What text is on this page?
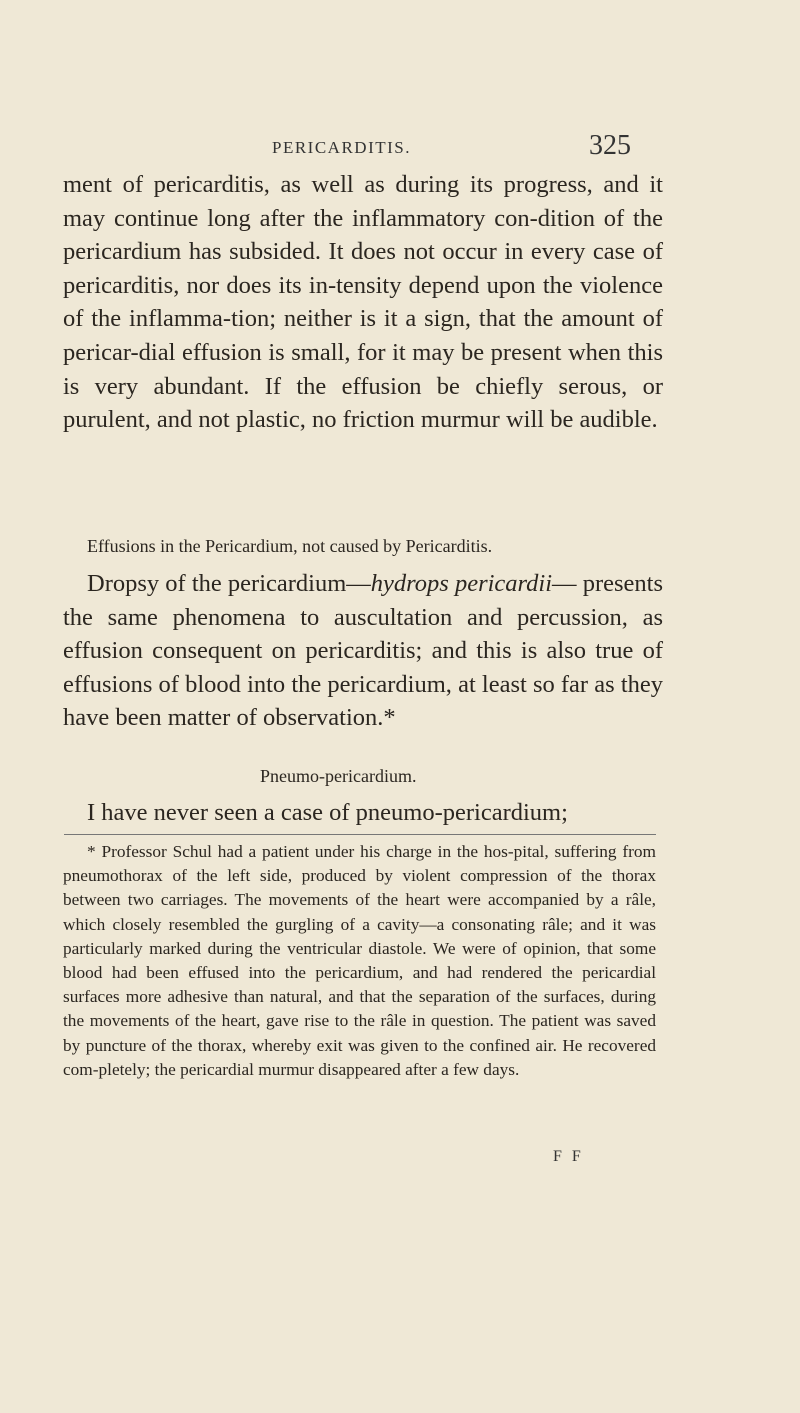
PERICARDITIS.	325

ment of pericarditis, as well as during its progress, and it may continue long after the inflammatory con-dition of the pericardium has subsided. It does not occur in every case of pericarditis, nor does its in-tensity depend upon the violence of the inflamma-tion; neither is it a sign, that the amount of pericar-dial effusion is small, for it may be present when this is very abundant. If the effusion be chiefly serous, or purulent, and not plastic, no friction murmur will be audible.

Effusions in the Pericardium, not caused by Pericarditis.

Dropsy of the pericardium—hydrops pericardii— presents the same phenomena to auscultation and percussion, as effusion consequent on pericarditis; and this is also true of effusions of blood into the pericardium, at least so far as they have been matter of observation.*

Pneumo-pericardium.

I have never seen a case of pneumo-pericardium;

* Professor Schul had a patient under his charge in the hos-pital, suffering from pneumothorax of the left side, produced by violent compression of the thorax between two carriages. The movements of the heart were accompanied by a râle, which closely resembled the gurgling of a cavity—a consonating râle; and it was particularly marked during the ventricular diastole. We were of opinion, that some blood had been effused into the pericardium, and had rendered the pericardial surfaces more adhesive than natural, and that the separation of the surfaces, during the movements of the heart, gave rise to the râle in question. The patient was saved by puncture of the thorax, whereby exit was given to the confined air. He recovered com-pletely; the pericardial murmur disappeared after a few days.

F F
